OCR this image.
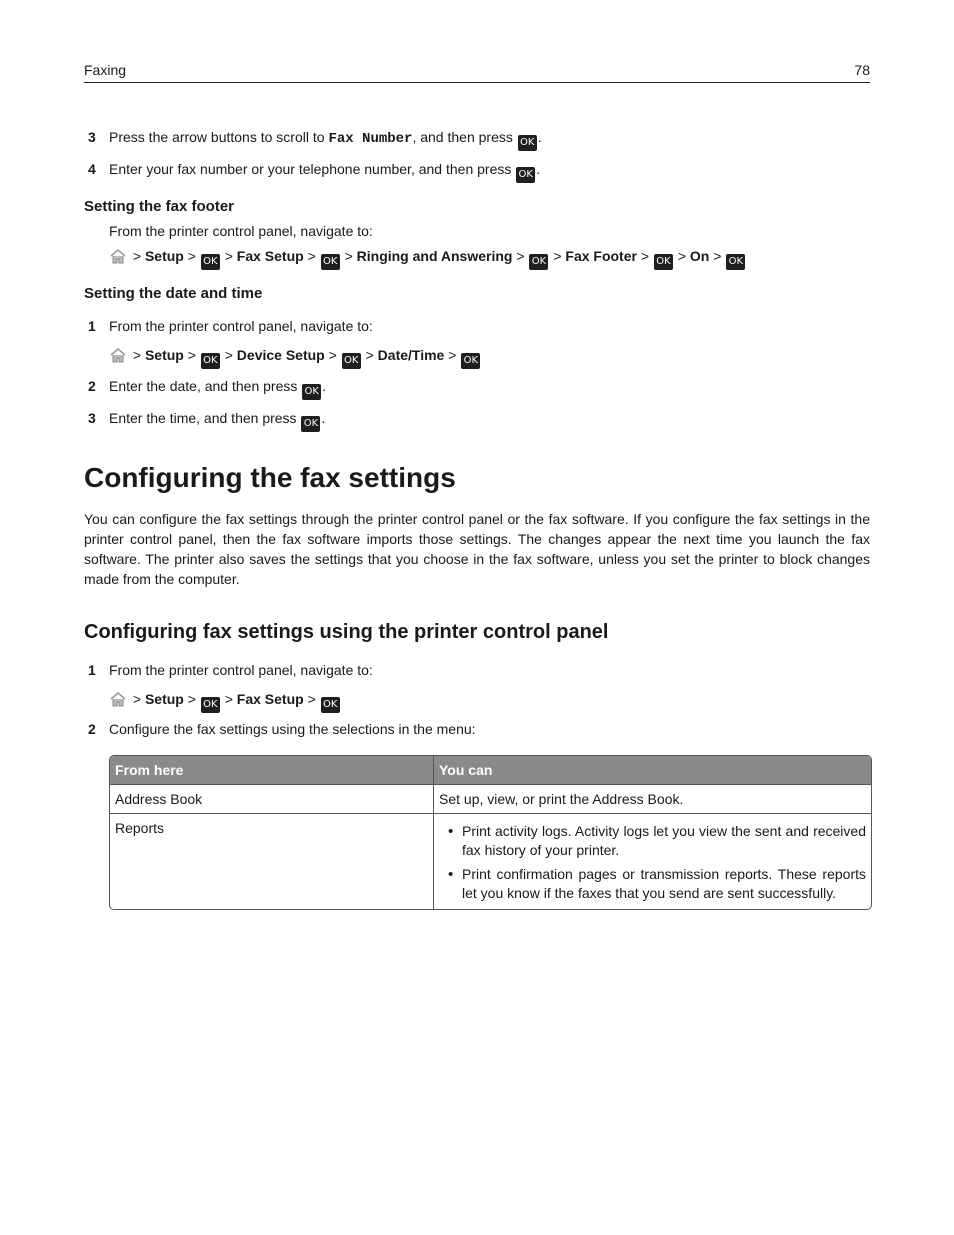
Faxing	78
3 Press the arrow buttons to scroll to Fax Number, and then press OK .
4 Enter your fax number or your telephone number, and then press OK .
Setting the fax footer
From the printer control panel, navigate to:
> Setup > OK > Fax Setup > OK > Ringing and Answering > OK > Fax Footer > OK > On > OK
Setting the date and time
1 From the printer control panel, navigate to:
> Setup > OK > Device Setup > OK > Date/Time > OK
2 Enter the date, and then press OK .
3 Enter the time, and then press OK .
Configuring the fax settings
You can configure the fax settings through the printer control panel or the fax software. If you configure the fax settings in the printer control panel, then the fax software imports those settings. The changes appear the next time you launch the fax software. The printer also saves the settings that you choose in the fax software, unless you set the printer to block changes made from the computer.
Configuring fax settings using the printer control panel
1 From the printer control panel, navigate to:
> Setup > OK > Fax Setup > OK
2 Configure the fax settings using the selections in the menu:
From here	You can
Address Book	Set up, view, or print the Address Book.
Reports
•	Print activity logs. Activity logs let you view the sent and received fax history of your printer.
• Print confirmation pages or transmission reports. These reports let you know if the faxes that you send are sent successfully.
